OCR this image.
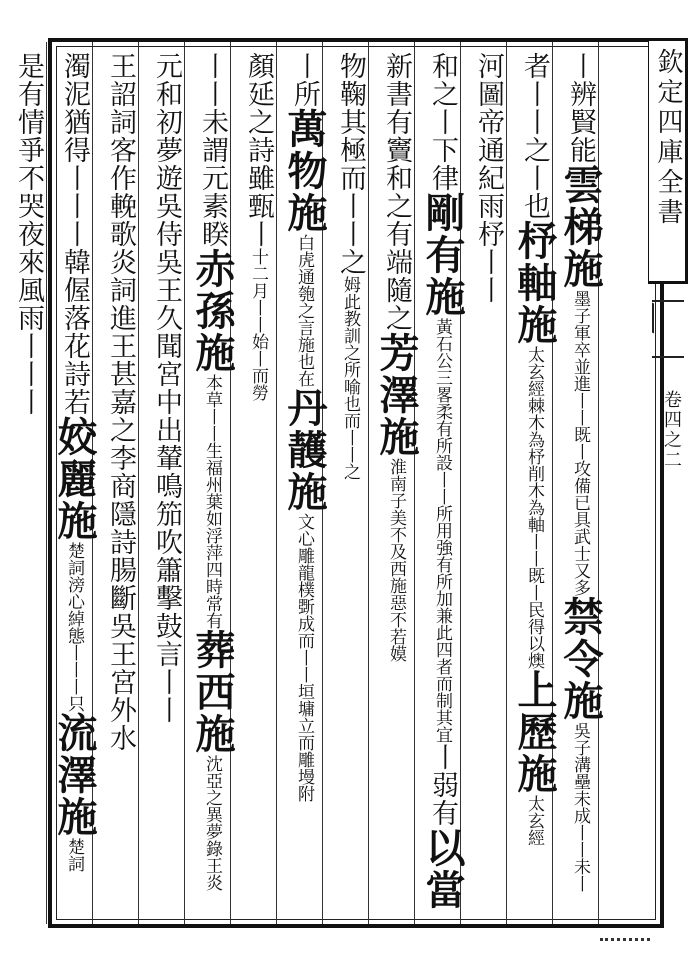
欽定四庫全書
卷四之二
丨辨賢能雲梯施墨子軍卒並進丨丨既丨攻備已具武士又多禁令施吳子溝壘未成丨丨未丨
者丨丨之丨也杼軸施太玄經棘木為杼削木為軸丨丨既丨民得以燠上歷施太玄經
河圖帝通紀雨杼丨丨
和之丨下律剛有施黃石公三畧柔有所設丨丨所用強有所加兼此四者而制其宜丨弱有以當
新書有竇和之有端隨之芳澤施淮南子美不及西施惡不若嫫
物鞠其極而丨丨之姆此教訓之所喻也而丨丨之
丨所萬物施白虎通匏之言施也在丹䨼施文心雕龍樸斲成而丨丨垣墉立而雕墁附
顏延之詩雖甄丨十二月丨丨始丨而勞
丨丨未謂元素睽赤孫施本草丨丨生福州葉如浮萍四時常有葬西施沈亞之異夢錄王炎
元和初夢遊吳侍吳王久聞宮中出輦鳴笳吹簫擊鼓言丨丨
王詔詞客作輓歌炎詞進王甚嘉之李商隱詩腸斷吳王宮外水
濁泥猶得丨丨丨韓偓落花詩若姣麗施楚詞滂心綽態丨丨丨只流澤施楚詞
是有情爭不哭夜來風雨丨丨丨
